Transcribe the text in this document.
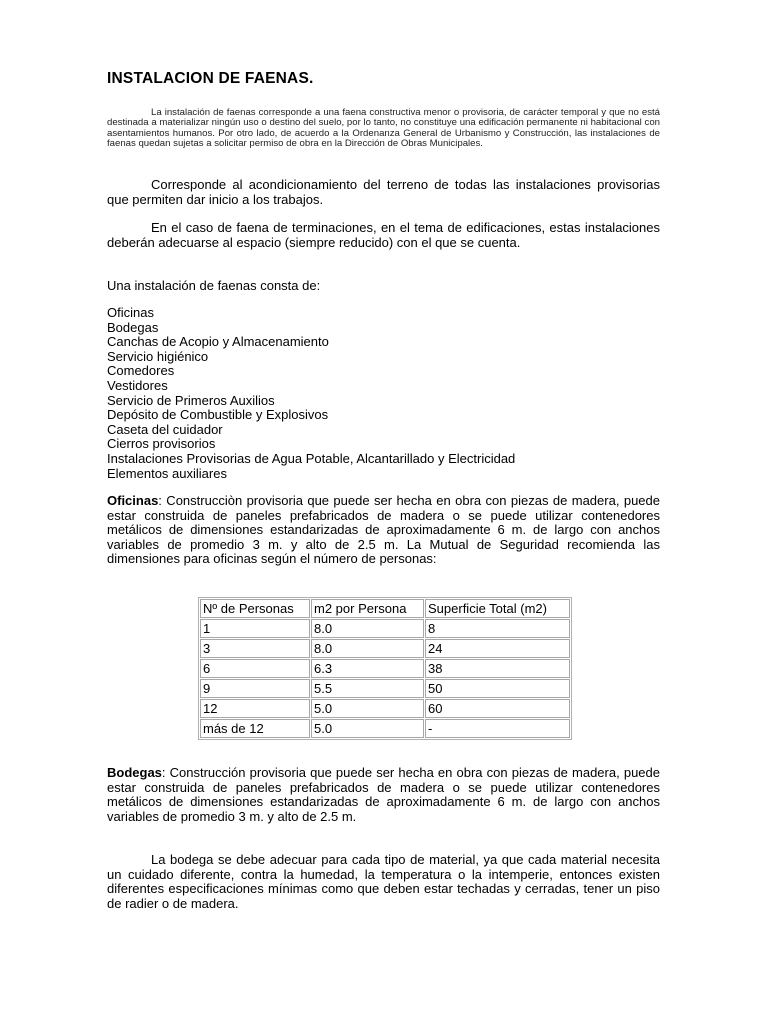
INSTALACION DE FAENAS.

La instalación de faenas corresponde a una faena constructiva menor o provisoria, de carácter temporal y que no está destinada a materializar ningún uso o destino del suelo, por lo tanto, no constituye una edificación permanente ni habitacional con asentamientos humanos. Por otro lado, de acuerdo a la Ordenanza General de Urbanismo y Construcción, las instalaciones de faenas quedan sujetas a solicitar permiso de obra en la Dirección de Obras Municipales.

Corresponde al acondicionamiento del terreno de todas las instalaciones provisorias que permiten dar inicio a los trabajos.

En el caso de faena de terminaciones, en el tema de edificaciones, estas instalaciones deberán adecuarse al espacio (siempre reducido) con el que se cuenta.

Una instalación de faenas consta de:

Oficinas
Bodegas
Canchas de Acopio y Almacenamiento
Servicio higiénico
Comedores
Vestidores
Servicio de Primeros Auxilios
Depósito de Combustible y Explosivos
Caseta del cuidador
Cierros provisorios
Instalaciones Provisorias de Agua Potable, Alcantarillado y Electricidad
Elementos auxiliares

Oficinas: Construcciòn provisoria que puede ser hecha en obra con piezas de madera, puede estar construida de paneles prefabricados de madera o se puede utilizar contenedores metálicos de dimensiones estandarizadas de aproximadamente 6 m. de largo con anchos variables de promedio 3 m. y alto de 2.5 m. La Mutual de Seguridad recomienda las dimensiones para oficinas según el número de personas:

Nº de Personas	m2 por Persona	Superficie Total (m2)
1	8.0	8
3	8.0	24
6	6.3	38
9	5.5	50
12	5.0	60
más de 12	5.0	-

Bodegas: Construcción provisoria que puede ser hecha en obra con piezas de madera, puede estar construida de paneles prefabricados de madera o se puede utilizar contenedores metálicos de dimensiones estandarizadas de aproximadamente 6 m. de largo con anchos variables de promedio 3 m. y alto de 2.5 m.

La bodega se debe adecuar para cada tipo de material, ya que cada material necesita un cuidado diferente, contra la humedad, la temperatura o la intemperie, entonces existen diferentes especificaciones mínimas como que deben estar techadas y cerradas, tener un piso de radier o de madera.
